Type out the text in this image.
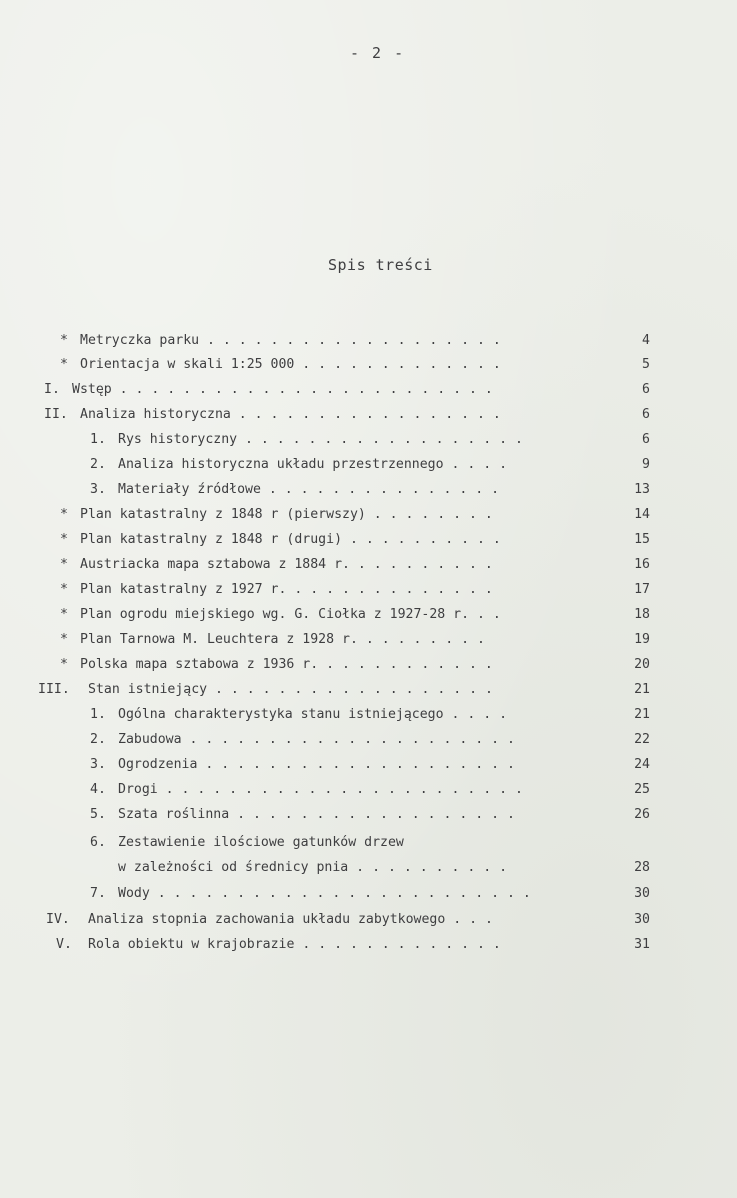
- 2 -
Spis treści
* Metryczka parku . . . . . . . . . . . . . . . . . . .	4
* Orientacja w skali 1:25 000 . . . . . . . . . . . . .	5
I. Wstęp . . . . . . . . . . . . . . . . . . . . . . . .	6
II. Analiza historyczna . . . . . . . . . . . . . . . . .	6
1. Rys historyczny . . . . . . . . . . . . . . . . . .	6
2. Analiza historyczna układu przestrzennego . . . .	9
3. Materiały źródłowe . . . . . . . . . . . . . . .	13
* Plan katastralny z 1848 r (pierwszy) . . . . . . . .	14
* Plan katastralny z 1848 r (drugi) . . . . . . . . . .	15
* Austriacka mapa sztabowa z 1884 r. . . . . . . . . .	16
* Plan katastralny z 1927 r. . . . . . . . . . . . . .	17
* Plan ogrodu miejskiego wg. G. Ciołka z 1927-28 r. . .	18
* Plan Tarnowa M. Leuchtera z 1928 r. . . . . . . . .	19
* Polska mapa sztabowa z 1936 r. . . . . . . . . . . .	20
III. Stan istniejący . . . . . . . . . . . . . . . . . .	21
1. Ogólna charakterystyka stanu istniejącego . . . .	21
2. Zabudowa . . . . . . . . . . . . . . . . . . . . .	22
3. Ogrodzenia . . . . . . . . . . . . . . . . . . . .	24
4. Drogi . . . . . . . . . . . . . . . . . . . . . . .	25
5. Szata roślinna . . . . . . . . . . . . . . . . . .	26
6. Zestawienie ilościowe gatunków drzew
w zależności od średnicy pnia . . . . . . . . . .	28
7. Wody . . . . . . . . . . . . . . . . . . . . . . . .	30
IV. Analiza stopnia zachowania układu zabytkowego . . .	30
V. Rola obiektu w krajobrazie . . . . . . . . . . . . .	31
